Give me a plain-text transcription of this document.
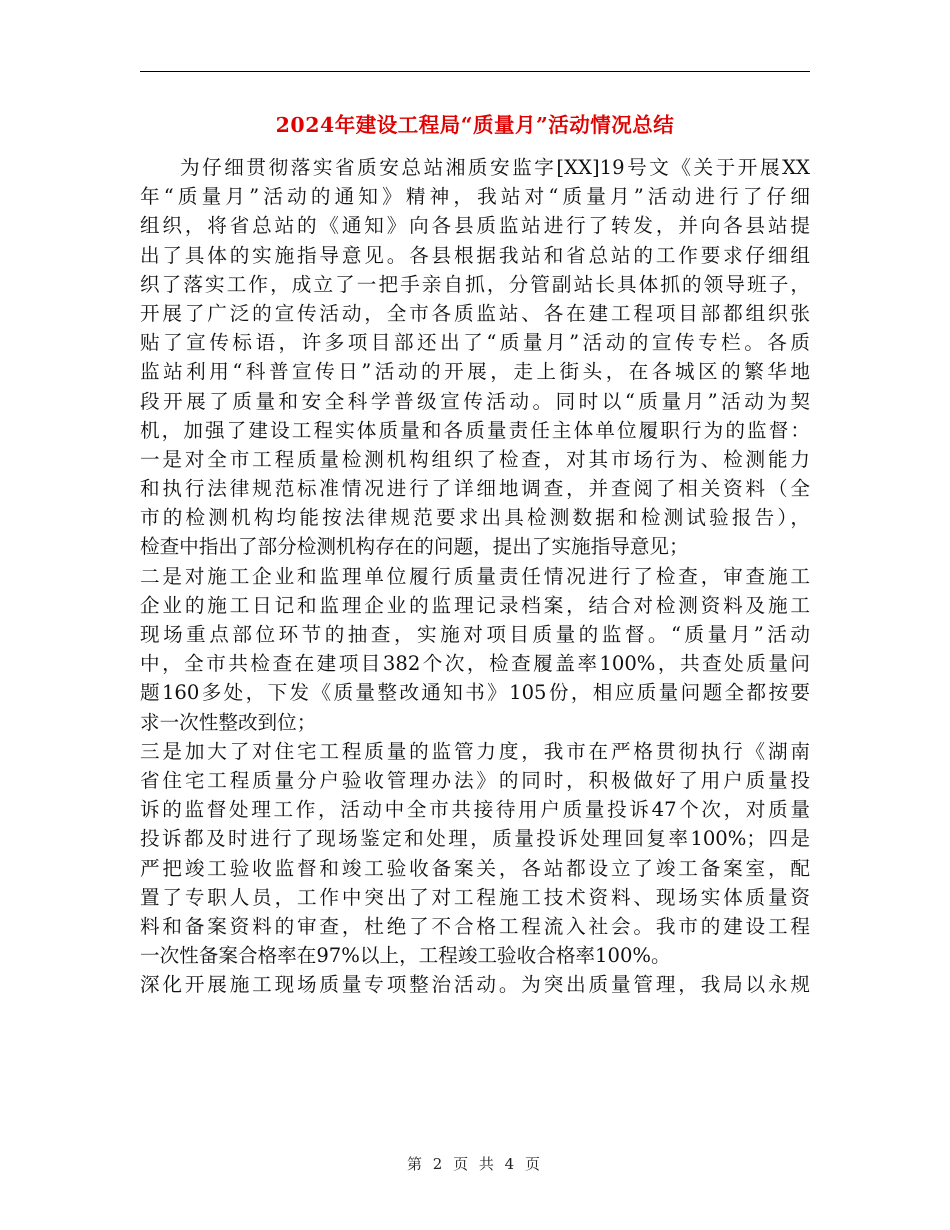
2024年建设工程局“质量月”活动情况总结
为仔细贯彻落实省质安总站湘质安监字[XX]19号文《关于开展XX
年“质量月”活动的通知》精神，我站对“质量月”活动进行了仔细
组织，将省总站的《通知》向各县质监站进行了转发，并向各县站提
出了具体的实施指导意见。各县根据我站和省总站的工作要求仔细组
织了落实工作，成立了一把手亲自抓，分管副站长具体抓的领导班子，
开展了广泛的宣传活动，全市各质监站、各在建工程项目部都组织张
贴了宣传标语，许多项目部还出了“质量月”活动的宣传专栏。各质
监站利用“科普宣传日”活动的开展，走上街头，在各城区的繁华地
段开展了质量和安全科学普级宣传活动。同时以“质量月”活动为契
机，加强了建设工程实体质量和各质量责任主体单位履职行为的监督：
一是对全市工程质量检测机构组织了检查，对其市场行为、检测能力
和执行法律规范标准情况进行了详细地调查，并查阅了相关资料（全
市的检测机构均能按法律规范要求出具检测数据和检测试验报告），
检查中指出了部分检测机构存在的问题，提出了实施指导意见；
二是对施工企业和监理单位履行质量责任情况进行了检查，审查施工
企业的施工日记和监理企业的监理记录档案，结合对检测资料及施工
现场重点部位环节的抽查，实施对项目质量的监督。“质量月”活动
中，全市共检查在建项目382个次，检查履盖率100%，共查处质量问
题160多处，下发《质量整改通知书》105份，相应质量问题全都按要
求一次性整改到位；
三是加大了对住宅工程质量的监管力度，我市在严格贯彻执行《湖南
省住宅工程质量分户验收管理办法》的同时，积极做好了用户质量投
诉的监督处理工作，活动中全市共接待用户质量投诉47个次，对质量
投诉都及时进行了现场鉴定和处理，质量投诉处理回复率100%；四是
严把竣工验收监督和竣工验收备案关，各站都设立了竣工备案室，配
置了专职人员，工作中突出了对工程施工技术资料、现场实体质量资
料和备案资料的审查，杜绝了不合格工程流入社会。我市的建设工程
一次性备案合格率在97%以上，工程竣工验收合格率100%。
深化开展施工现场质量专项整治活动。为突出质量管理，我局以永规
第 2 页 共 4 页
